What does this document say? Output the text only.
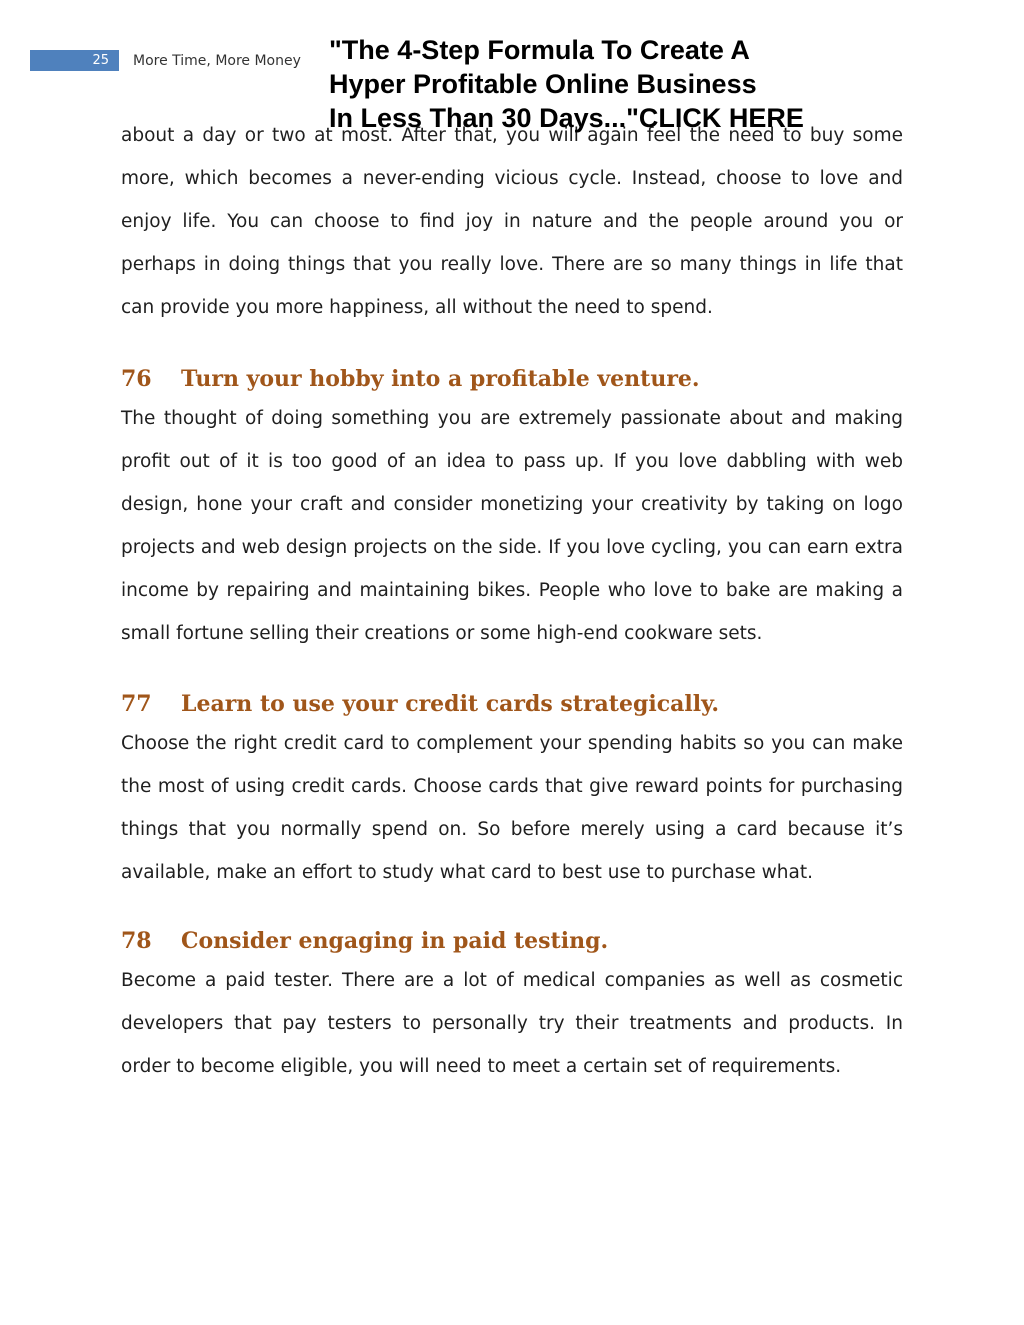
25	More Time, More Money "The 4-Step Formula To Create A
Hyper Profitable Online Business
In Less Than 30 Days..."CLICK HERE

about a day or two at most. After that, you will again feel the need to buy some more, which becomes a never-ending vicious cycle. Instead, choose to love and enjoy life. You can choose to find joy in nature and the people around you or perhaps in doing things that you really love. There are so many things in life that can provide you more happiness, all without the need to spend.

76	Turn your hobby into a profitable venture.

The thought of doing something you are extremely passionate about and making profit out of it is too good of an idea to pass up. If you love dabbling with web design, hone your craft and consider monetizing your creativity by taking on logo projects and web design projects on the side. If you love cycling, you can earn extra income by repairing and maintaining bikes. People who love to bake are making a small fortune selling their creations or some high-end cookware sets.

77	Learn to use your credit cards strategically.

Choose the right credit card to complement your spending habits so you can make the most of using credit cards. Choose cards that give reward points for purchasing things that you normally spend on. So before merely using a card because it’s available, make an effort to study what card to best use to purchase what.

78	Consider engaging in paid testing.

Become a paid tester. There are a lot of medical companies as well as cosmetic developers that pay testers to personally try their treatments and products. In order to become eligible, you will need to meet a certain set of requirements.
